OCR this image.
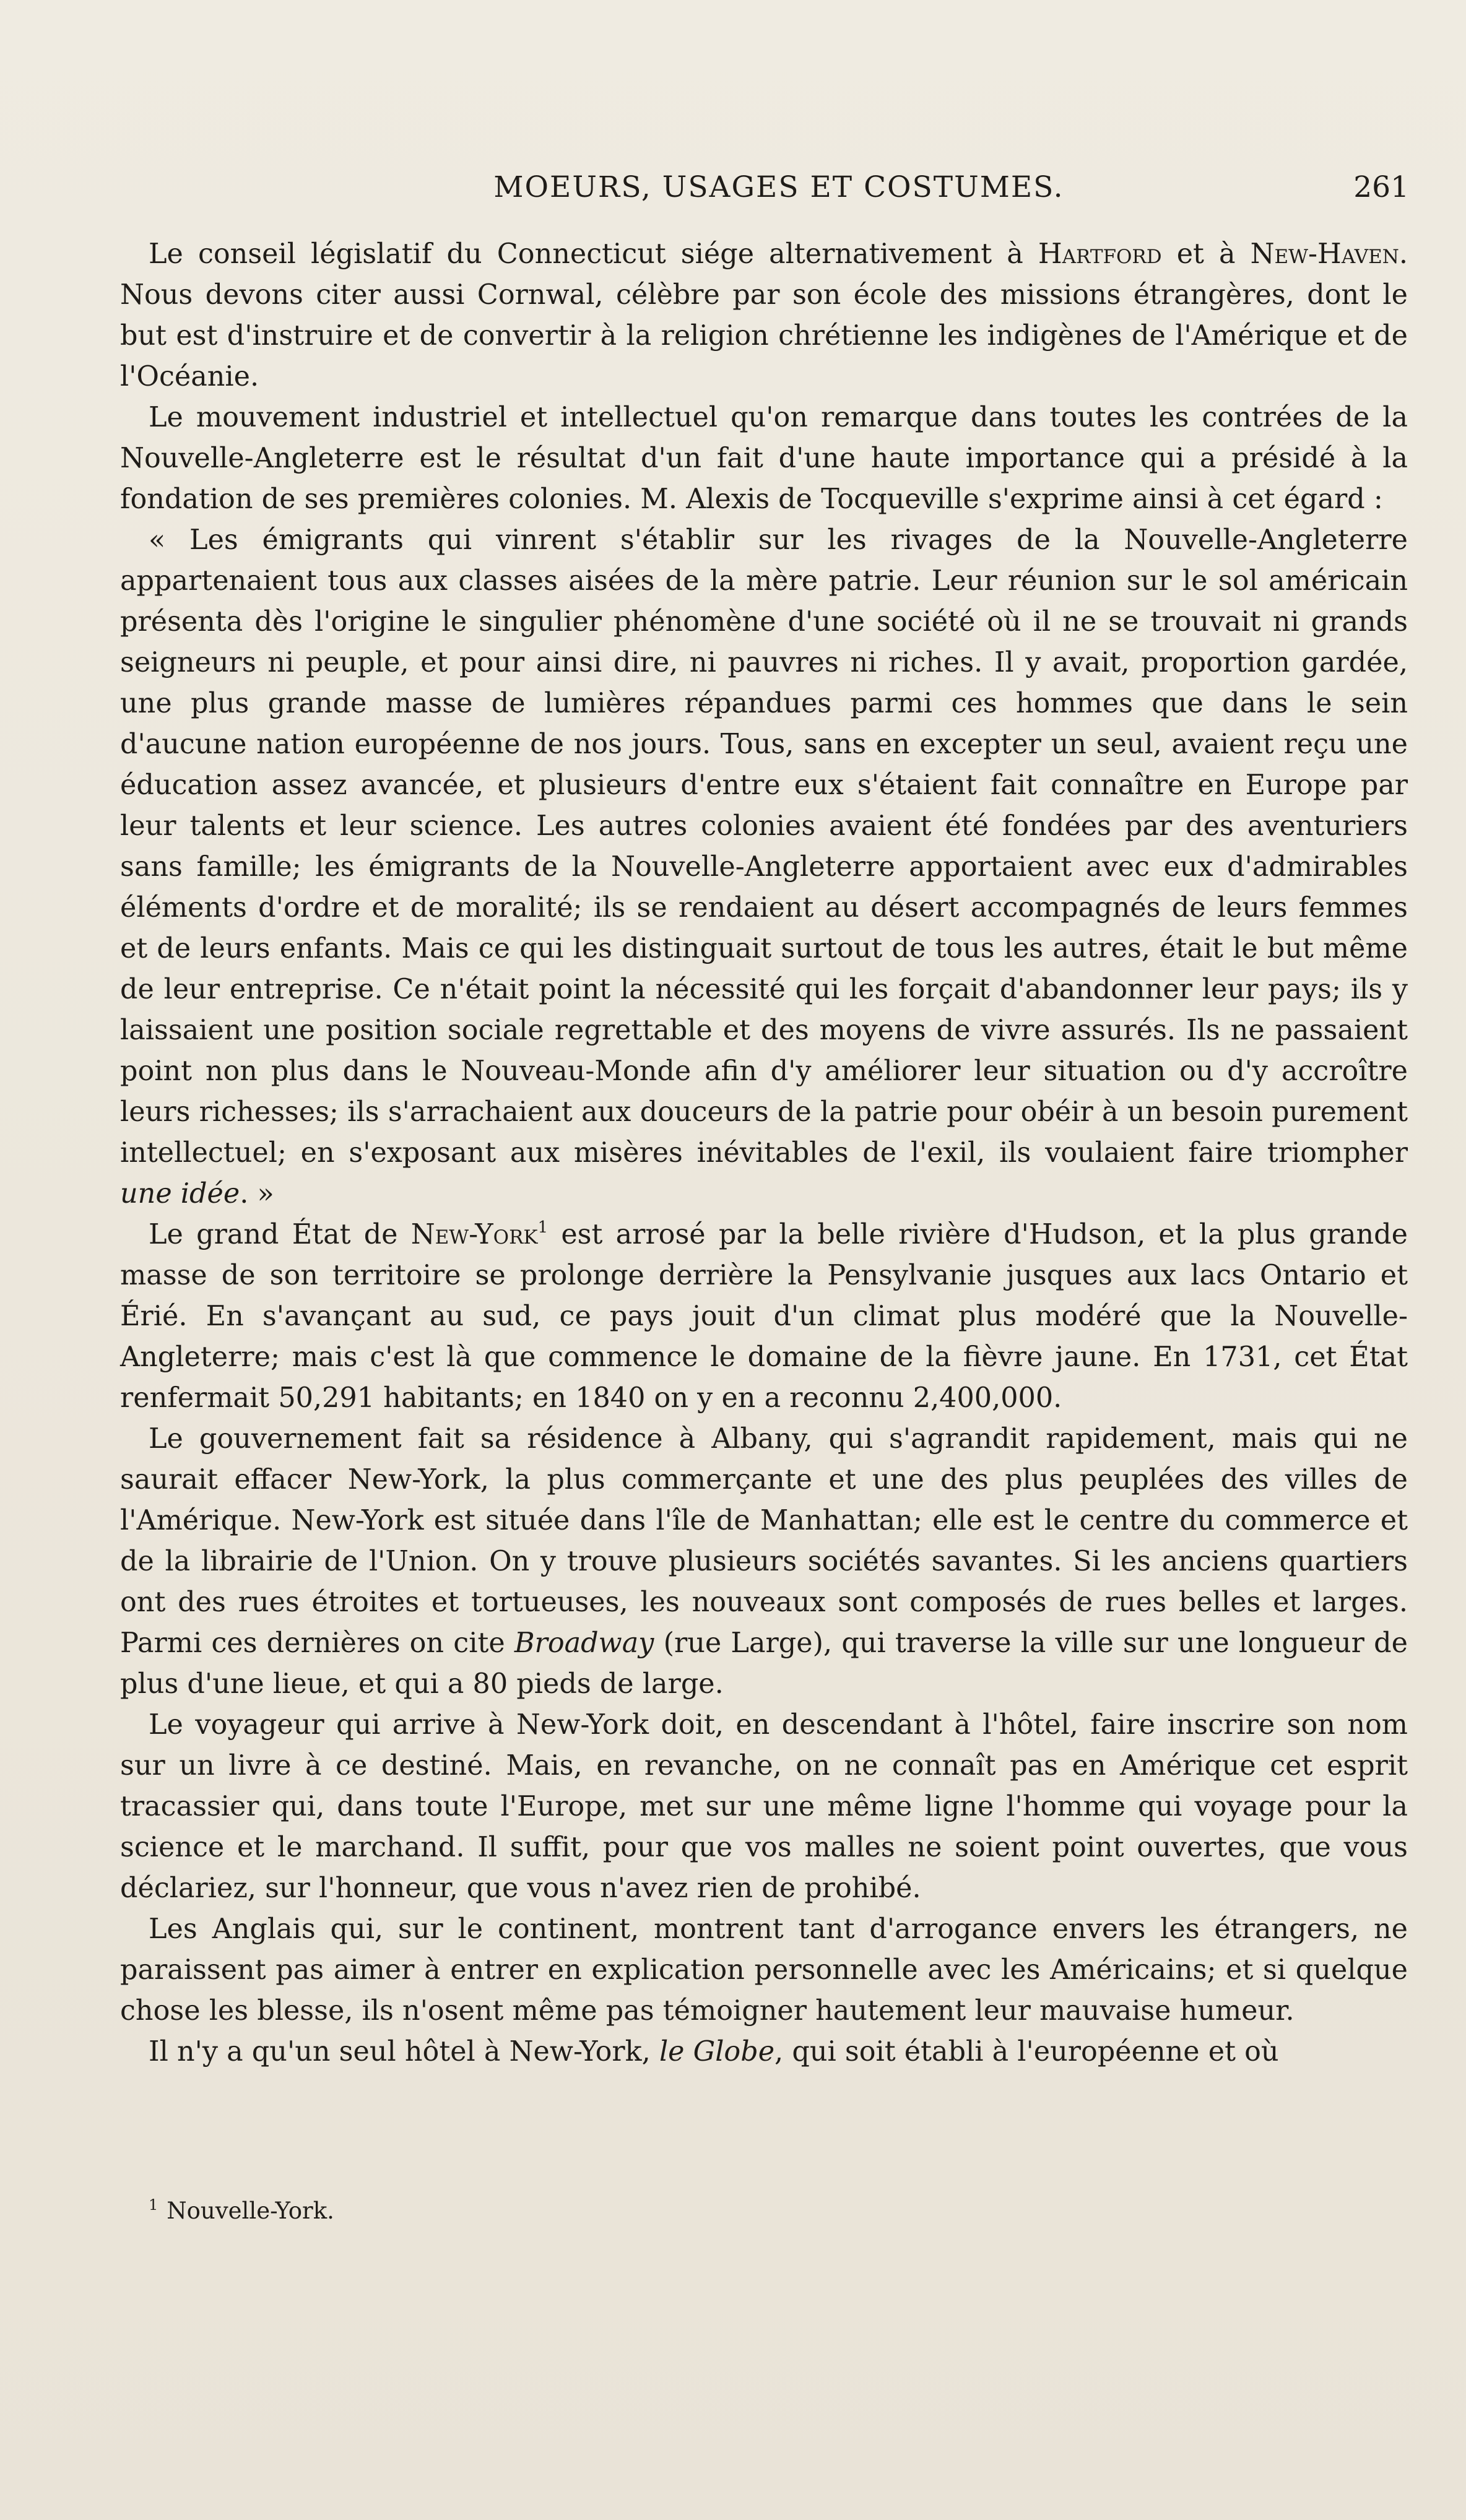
MOEURS, USAGES ET COSTUMES.	261

Le conseil législatif du Connecticut siége alternativement à Hartford et à New-Haven. Nous devons citer aussi Cornwal, célèbre par son école des missions étrangères, dont le but est d'instruire et de convertir à la religion chrétienne les indigènes de l'Amérique et de l'Océanie.

Le mouvement industriel et intellectuel qu'on remarque dans toutes les contrées de la Nouvelle-Angleterre est le résultat d'un fait d'une haute importance qui a présidé à la fondation de ses premières colonies. M. Alexis de Tocqueville s'exprime ainsi à cet égard :

« Les émigrants qui vinrent s'établir sur les rivages de la Nouvelle-Angleterre appartenaient tous aux classes aisées de la mère patrie. Leur réunion sur le sol américain présenta dès l'origine le singulier phénomène d'une société où il ne se trouvait ni grands seigneurs ni peuple, et pour ainsi dire, ni pauvres ni riches. Il y avait, proportion gardée, une plus grande masse de lumières répandues parmi ces hommes que dans le sein d'aucune nation européenne de nos jours. Tous, sans en excepter un seul, avaient reçu une éducation assez avancée, et plusieurs d'entre eux s'étaient fait connaître en Europe par leur talents et leur science. Les autres colonies avaient été fondées par des aventuriers sans famille; les émigrants de la Nouvelle-Angleterre apportaient avec eux d'admirables éléments d'ordre et de moralité; ils se rendaient au désert accompagnés de leurs femmes et de leurs enfants. Mais ce qui les distinguait surtout de tous les autres, était le but même de leur entreprise. Ce n'était point la nécessité qui les forçait d'abandonner leur pays; ils y laissaient une position sociale regrettable et des moyens de vivre assurés. Ils ne passaient point non plus dans le Nouveau-Monde afin d'y améliorer leur situation ou d'y accroître leurs richesses; ils s'arrachaient aux douceurs de la patrie pour obéir à un besoin purement intellectuel; en s'exposant aux misères inévitables de l'exil, ils voulaient faire triompher une idée. »

Le grand État de New-York$^1$ est arrosé par la belle rivière d'Hudson, et la plus grande masse de son territoire se prolonge derrière la Pensylvanie jusques aux lacs Ontario et Érié. En s'avançant au sud, ce pays jouit d'un climat plus modéré que la Nouvelle-Angleterre; mais c'est là que commence le domaine de la fièvre jaune. En 1731, cet État renfermait 50,291 habitants; en 1840 on y en a reconnu 2,400,000.

Le gouvernement fait sa résidence à Albany, qui s'agrandit rapidement, mais qui ne saurait effacer New-York, la plus commerçante et une des plus peuplées des villes de l'Amérique. New-York est située dans l'île de Manhattan; elle est le centre du commerce et de la librairie de l'Union. On y trouve plusieurs sociétés savantes. Si les anciens quartiers ont des rues étroites et tortueuses, les nouveaux sont composés de rues belles et larges. Parmi ces dernières on cite Broadway (rue Large), qui traverse la ville sur une longueur de plus d'une lieue, et qui a 80 pieds de large.

Le voyageur qui arrive à New-York doit, en descendant à l'hôtel, faire inscrire son nom sur un livre à ce destiné. Mais, en revanche, on ne connaît pas en Amérique cet esprit tracassier qui, dans toute l'Europe, met sur une même ligne l'homme qui voyage pour la science et le marchand. Il suffit, pour que vos malles ne soient point ouvertes, que vous déclariez, sur l'honneur, que vous n'avez rien de prohibé.

Les Anglais qui, sur le continent, montrent tant d'arrogance envers les étrangers, ne paraissent pas aimer à entrer en explication personnelle avec les Américains; et si quelque chose les blesse, ils n'osent même pas témoigner hautement leur mauvaise humeur.

Il n'y a qu'un seul hôtel à New-York, le Globe, qui soit établi à l'européenne et où

$^1$ Nouvelle-York.
